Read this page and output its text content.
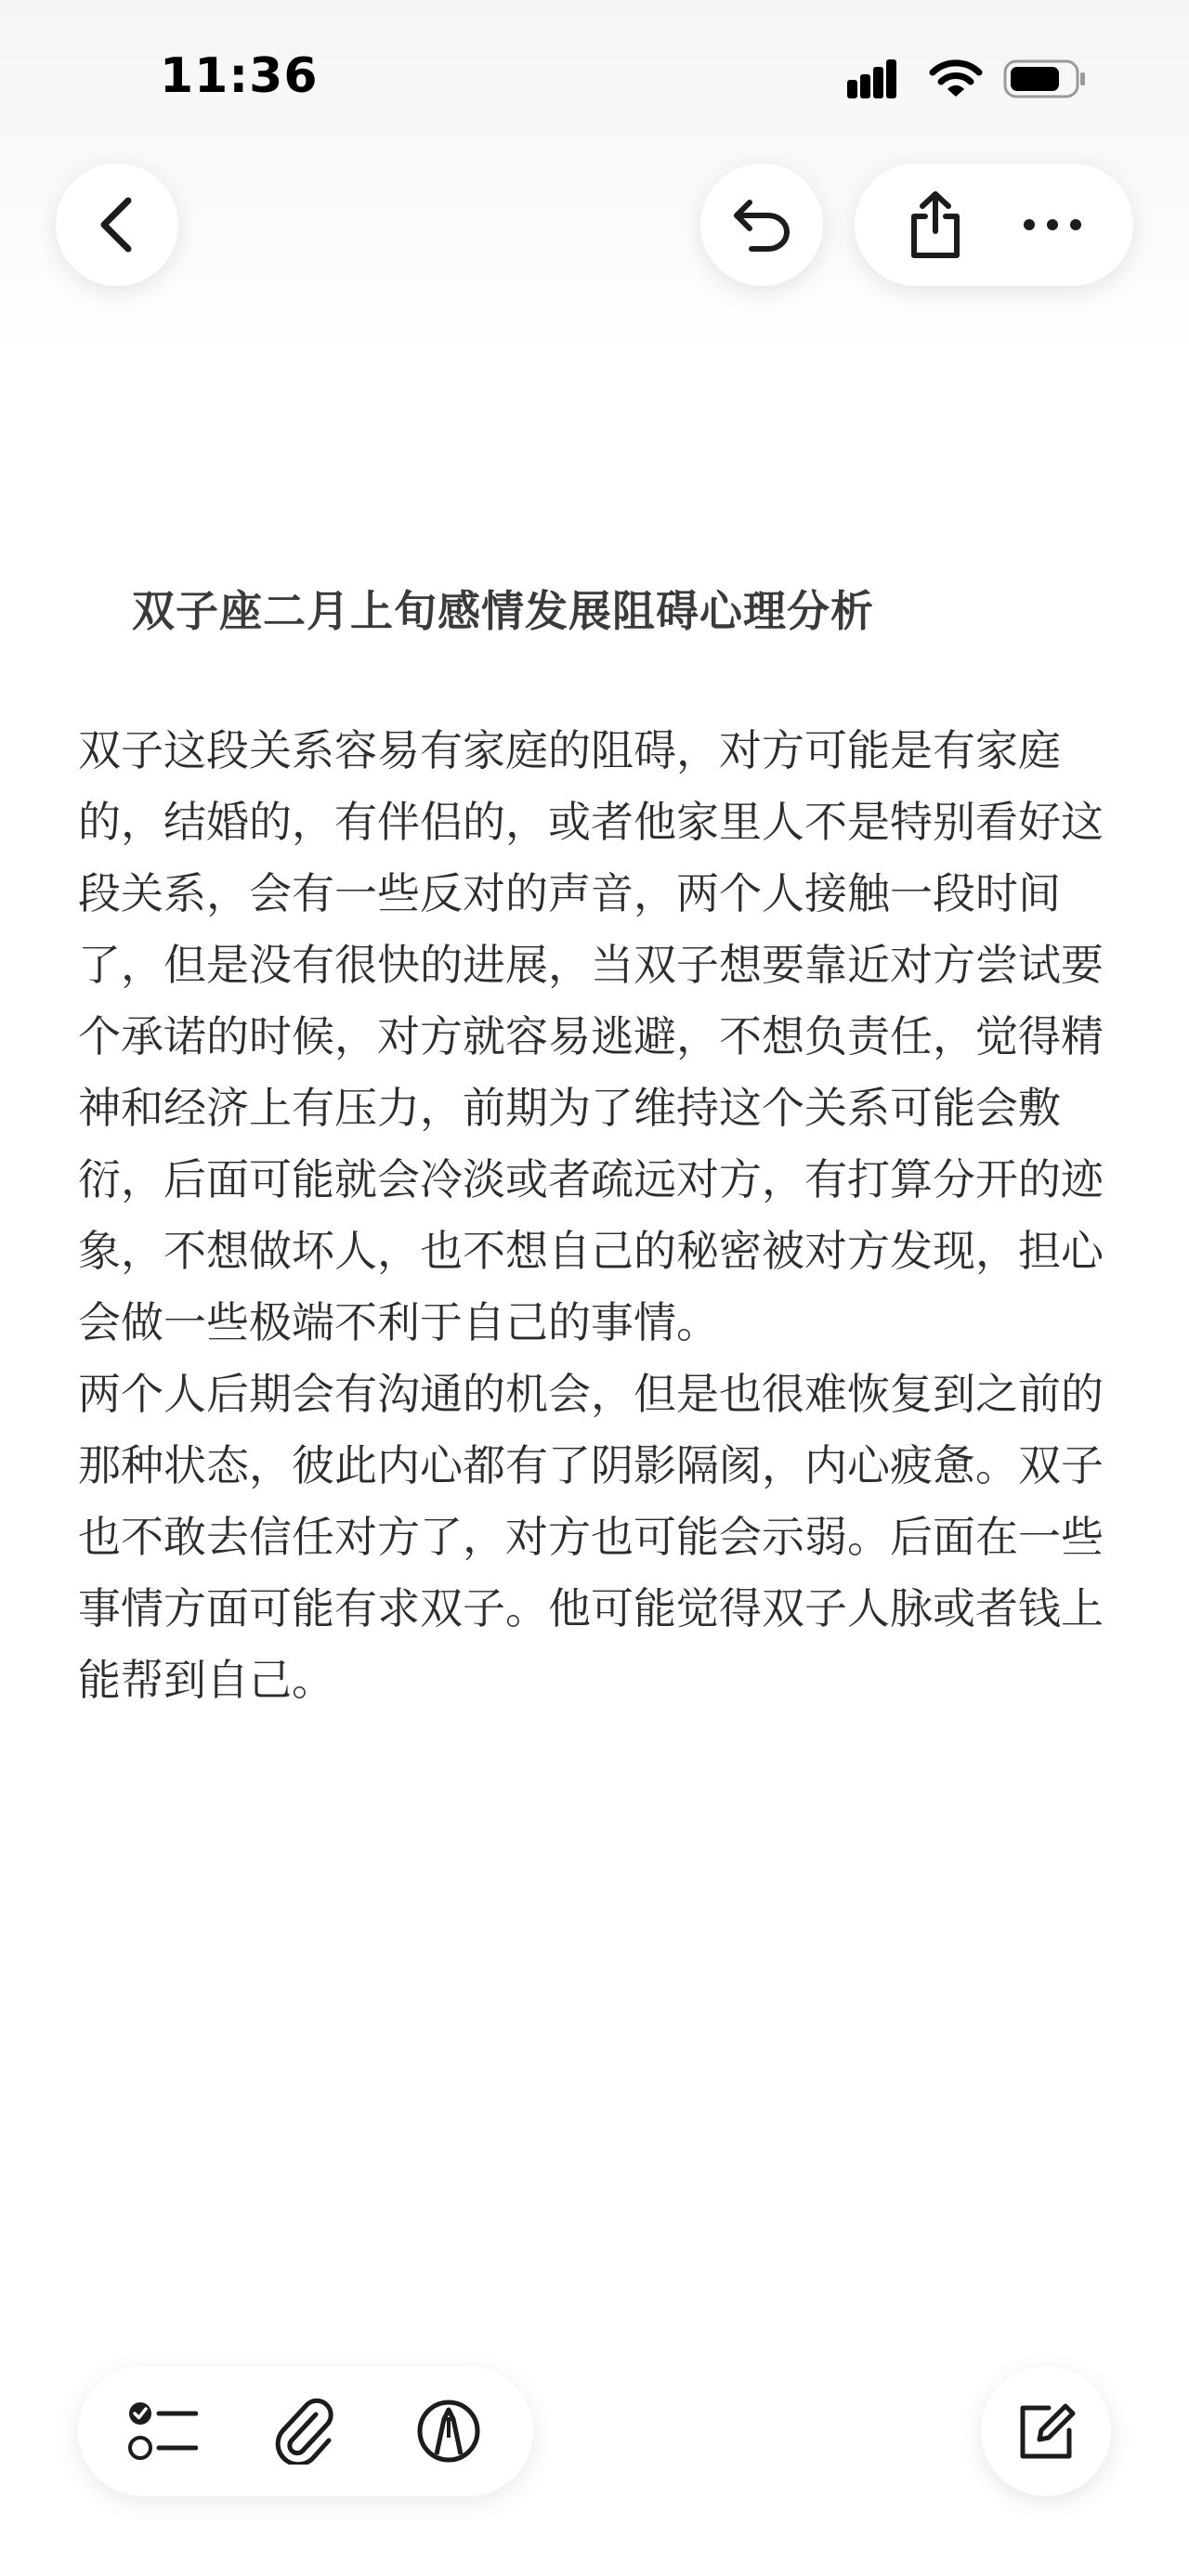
11:36
双子座二月上旬感情发展阻碍心理分析

双子这段关系容易有家庭的阻碍，对方可能是有家庭的，结婚的，有伴侣的，或者他家里人不是特别看好这段关系，会有一些反对的声音，两个人接触一段时间了，但是没有很快的进展，当双子想要靠近对方尝试要个承诺的时候，对方就容易逃避，不想负责任，觉得精神和经济上有压力，前期为了维持这个关系可能会敷衍，后面可能就会冷淡或者疏远对方，有打算分开的迹象，不想做坏人，也不想自己的秘密被对方发现，担心会做一些极端不利于自己的事情。

两个人后期会有沟通的机会，但是也很难恢复到之前的那种状态，彼此内心都有了阴影隔阂，内心疲惫。双子也不敢去信任对方了，对方也可能会示弱。后面在一些事情方面可能有求双子。他可能觉得双子人脉或者钱上能帮到自己。
